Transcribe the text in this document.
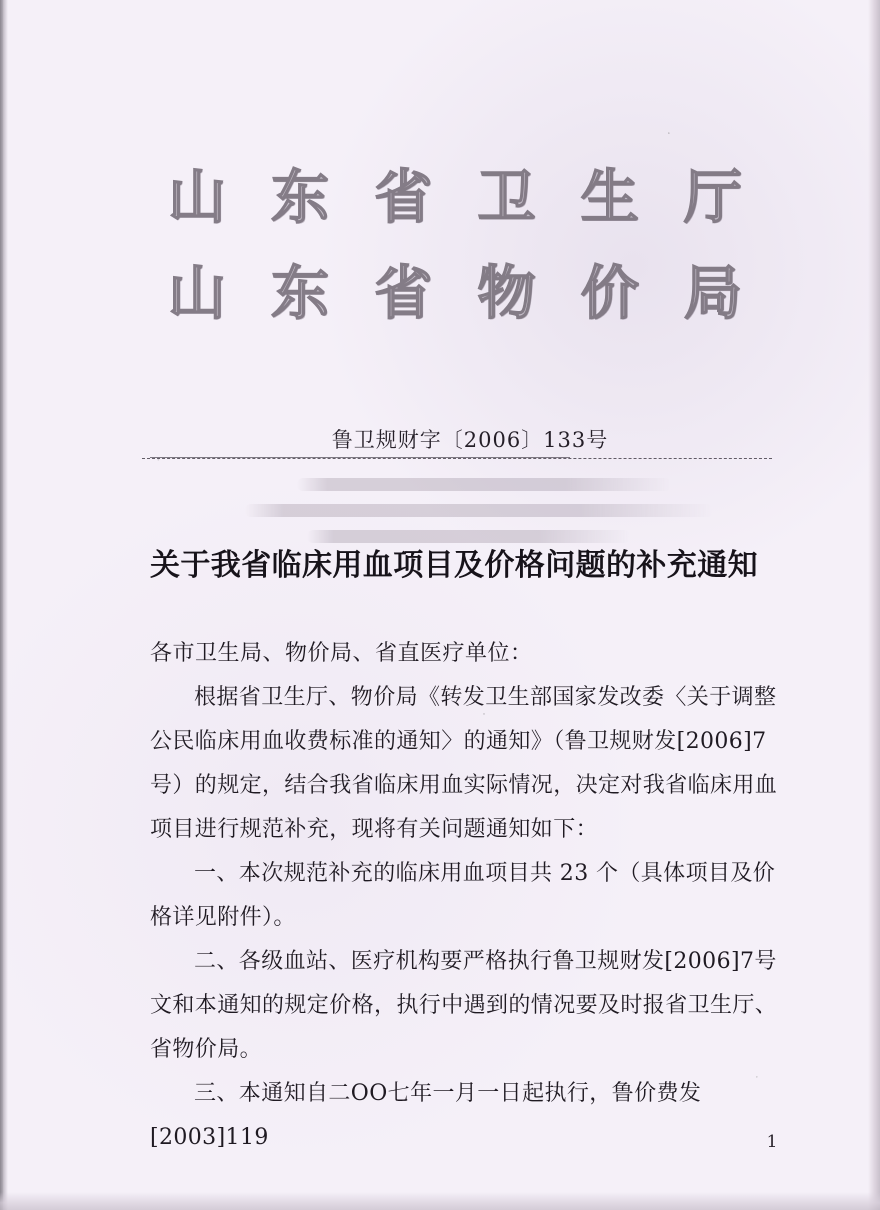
山 东 省 卫 生 厅
山 东 省 物 价 局
鲁卫规财字〔2006〕133号
关于我省临床用血项目及价格问题的补充通知
各市卫生局、物价局、省直医疗单位：

根据省卫生厅、物价局《转发卫生部国家发改委〈关于调整公民临床用血收费标准的通知〉的通知》（鲁卫规财发[2006]7号）的规定，结合我省临床用血实际情况，决定对我省临床用血项目进行规范补充，现将有关问题通知如下：

一、本次规范补充的临床用血项目共 23 个（具体项目及价格详见附件）。

二、各级血站、医疗机构要严格执行鲁卫规财发[2006]7号文和本通知的规定价格，执行中遇到的情况要及时报省卫生厅、省物价局。

三、本通知自二OO七年一月一日起执行，鲁价费发[2003]119	1
